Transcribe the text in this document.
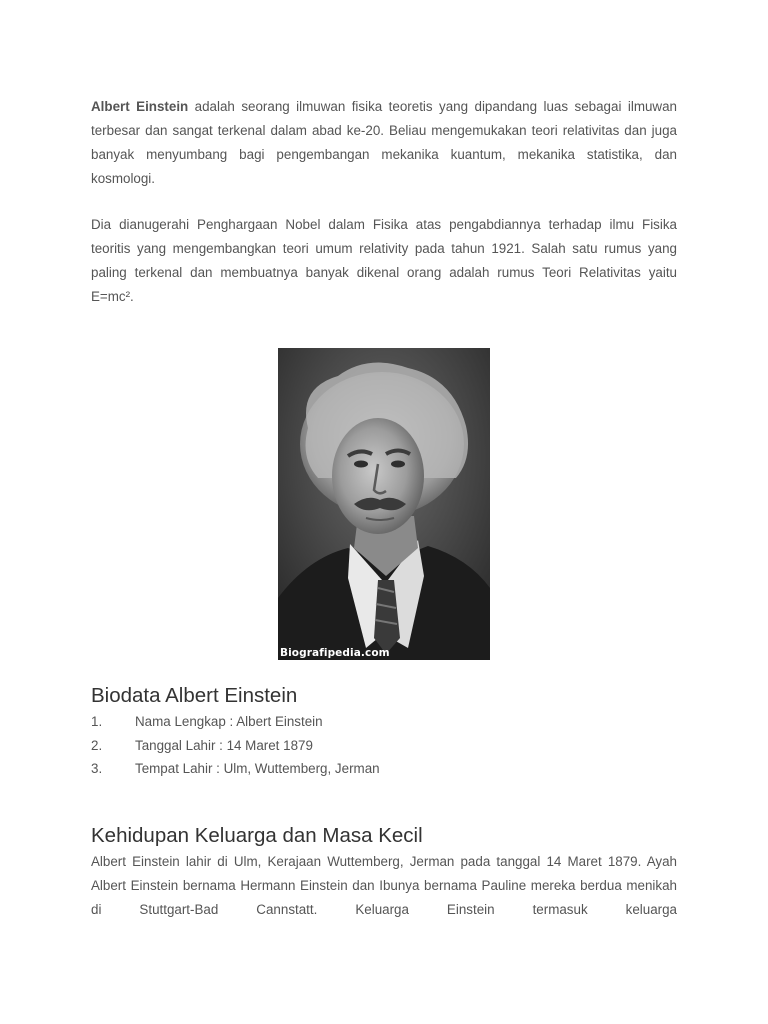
Albert Einstein adalah seorang ilmuwan fisika teoretis yang dipandang luas sebagai ilmuwan terbesar dan sangat terkenal dalam abad ke-20. Beliau mengemukakan teori relativitas dan juga banyak menyumbang bagi pengembangan mekanika kuantum, mekanika statistika, dan kosmologi.

Dia dianugerahi Penghargaan Nobel dalam Fisika atas pengabdiannya terhadap ilmu Fisika teoritis yang mengembangkan teori umum relativity pada tahun 1921. Salah satu rumus yang paling terkenal dan membuatnya banyak dikenal orang adalah rumus Teori Relativitas yaitu E=mc².

Biografipedia.com
Biodata Albert Einstein
1. Nama Lengkap : Albert Einstein
2. Tanggal Lahir : 14 Maret 1879
3. Tempat Lahir : Ulm, Wuttemberg, Jerman
Kehidupan Keluarga dan Masa Kecil

Albert Einstein lahir di Ulm, Kerajaan Wuttemberg, Jerman pada tanggal 14 Maret 1879. Ayah Albert Einstein bernama Hermann Einstein dan Ibunya bernama Pauline mereka berdua menikah di Stuttgart-Bad Cannstatt. Keluarga Einstein termasuk keluarga
